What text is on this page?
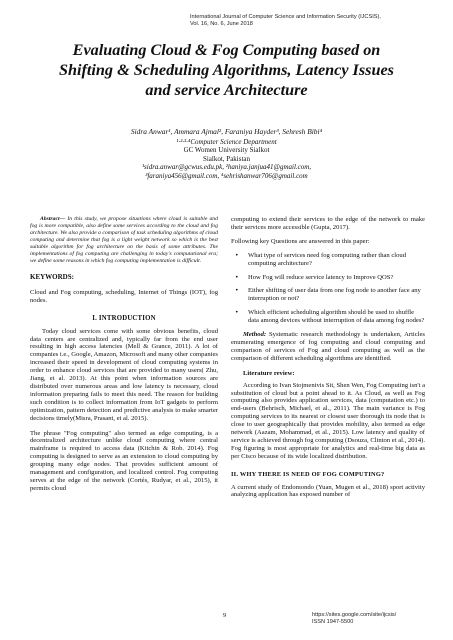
International Journal of Computer Science and Information Security (IJCSIS),
Vol. 16, No. 6, June 2018
Evaluating Cloud & Fog Computing based on
Shifting & Scheduling Algorithms, Latency Issues
and service Architecture
Sidra Anwar¹, Ammara Ajmal², Faraniya Hayder³, Sehresh Bibi⁴
¹·²·³·⁴Computer Science Department
GC Women University Sialkot
Sialkot, Pakistan
¹sidra.anwar@gcwus.edu.pk, ²haniya.janjua41@gmail.com,
³faraniya456@gmail.com, ⁴sehrishanwar706@gmail.com

Abstract— In this study, we propose situations where cloud is suitable and fog is more compatible, also define some services according to the cloud and fog architecture. We also provide a comparison of task scheduling algorithms of cloud computing and determine that fog is a light weight network so which is the best suitable algorithm for fog architecture on the basis of some attributes. The implementations of fog computing are challenging in today's computational era; we define some reasons in which fog computing implementation is difficult.

KEYWORDS:

Cloud and Fog computing, scheduling, Internet of Things (IOT), fog nodes.

I. INTRODUCTION

Today cloud services come with some obvious benefits, cloud data centers are centralized and, typically far from the end user resulting in high access latencies (Mell & Grance, 2011). A lot of companies i.e., Google, Amazon, Microsoft and many other companies increased their speed in development of cloud computing systems in order to enhance cloud services that are provided to many users( Zhu, Jiang, et al. 2013). At this point when information sources are distributed over numerous areas and low latency is necessary, cloud information preparing fails to meet this need. The reason for building such condition is to collect information from IoT gadgets to perform optimization, pattern detection and predictive analysis to make smarter decisions timely(Misra, Prasant, et al. 2015).

The phrase "Fog computing" also termed as edge computing, is a decentralized architecture unlike cloud computing where central mainframe is required to access data (Kitchin & Rob. 2014). Fog computing is designed to serve as an extension to cloud computing by grouping many edge nodes. That provides sufficient amount of management and configuration, and localized control. Fog computing serves at the edge of the network (Cortés, Rudyar, et al., 2015), it permits cloud

computing to extend their services to the edge of the network to make their services more accessible (Gupta, 2017).

Following key Questions are answered in this paper:

• What type of services need fog computing rather than cloud computing architecture?
• How Fog will reduce service latency to Improve QOS?
• Either shifting of user data from one fog node to another face any interruption or not?
• Which efficient scheduling algorithm should be used to shuffle data among devices without interruption of data among fog nodes?

Method: Systematic research methodology is undertaken, Articles enumerating emergence of fog computing and cloud computing and comparison of services of Fog and cloud computing as well as the comparison of different scheduling algorithms are identified.

Literature review:

According to Ivan Stojmenivis Sit, Shen Wen, Fog Computing isn't a substitution of cloud but a point ahead to it. As Cloud, as well as Fog computing also provides application services, data (computation etc.) to end-users (Behrisch, Michael, et al., 2011). The main variance is Fog computing services to its nearest or closest user thorough its node that is close to user geographically that provides mobility, also termed as edge network (Aazam, Mohammad, et al., 2015). Low latency and quality of service is achieved through fog computing (Dsouza, Clinton et al., 2014). Fog figuring is most appropriate for analytics and real-time big data as per Cisco because of its wide localized distribution.

II. WHY THERE IS NEED OF FOG COMPUTING?

A current study of Endomondo (Yuan, Mugen et al., 2018) sport activity analyzing application has exposed number of

9	https://sites.google.com/site/ijcsis/
ISSN 1947-5500
